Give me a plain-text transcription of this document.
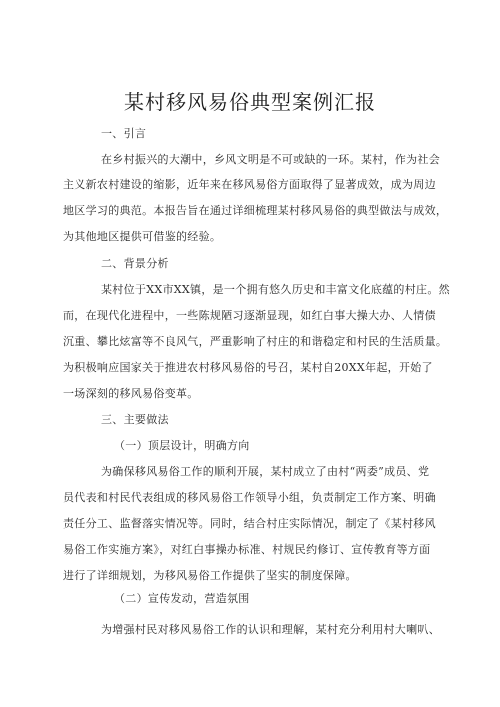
某村移风易俗典型案例汇报

一、引言

在乡村振兴的大潮中，乡风文明是不可或缺的一环。某村，作为社会

主义新农村建设的缩影，近年来在移风易俗方面取得了显著成效，成为周边

地区学习的典范。本报告旨在通过详细梳理某村移风易俗的典型做法与成效，

为其他地区提供可借鉴的经验。

二、背景分析

某村位于XX市XX镇，是一个拥有悠久历史和丰富文化底蕴的村庄。然

而，在现代化进程中，一些陈规陋习逐渐显现，如红白事大操大办、人情债

沉重、攀比炫富等不良风气，严重影响了村庄的和谐稳定和村民的生活质量。

为积极响应国家关于推进农村移风易俗的号召，某村自20XX年起，开始了

一场深刻的移风易俗变革。

三、主要做法

（一）顶层设计，明确方向

为确保移风易俗工作的顺利开展，某村成立了由村“两委”成员、党

员代表和村民代表组成的移风易俗工作领导小组，负责制定工作方案、明确

责任分工、监督落实情况等。同时，结合村庄实际情况，制定了《某村移风

易俗工作实施方案》，对红白事操办标准、村规民约修订、宣传教育等方面

进行了详细规划，为移风易俗工作提供了坚实的制度保障。

（二）宣传发动，营造氛围

为增强村民对移风易俗工作的认识和理解，某村充分利用村大喇叭、
